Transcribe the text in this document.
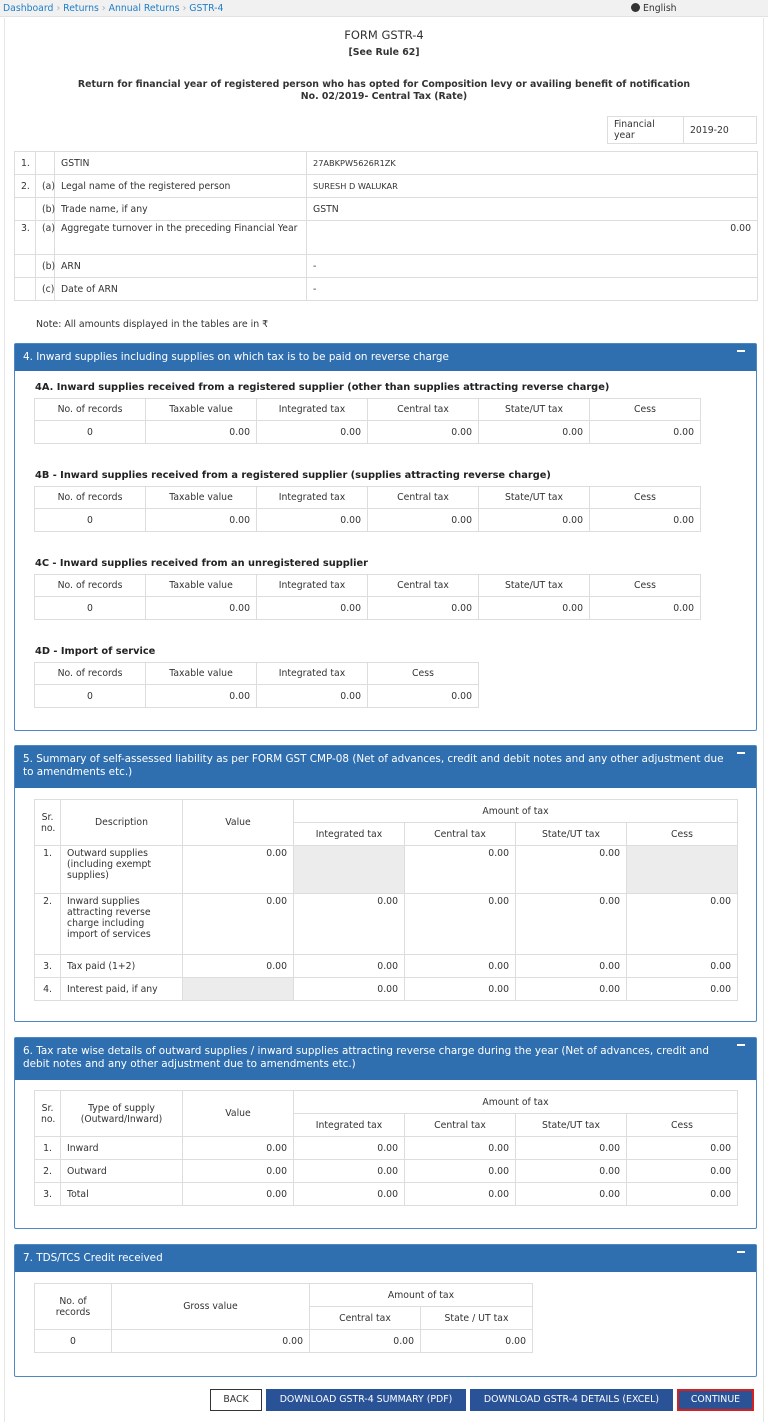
Dashboard › Returns › Annual Returns › GSTR-4	English
FORM GSTR-4
[See Rule 62]
Return for financial year of registered person who has opted for Composition levy or availing benefit of notification
No. 02/2019- Central Tax (Rate)
Financial year	2019-20
1.		GSTIN	27ABKPW5626R1ZK
2.	(a)	Legal name of the registered person	SURESH D WALUKAR
	(b)	Trade name, if any	GSTN
3.	(a)	Aggregate turnover in the preceding Financial Year	0.00
	(b)	ARN	-
	(c)	Date of ARN	-
Note: All amounts displayed in the tables are in ₹
4. Inward supplies including supplies on which tax is to be paid on reverse charge
4A. Inward supplies received from a registered supplier (other than supplies attracting reverse charge)
No. of records	Taxable value	Integrated tax	Central tax	State/UT tax	Cess
0	0.00	0.00	0.00	0.00	0.00
4B - Inward supplies received from a registered supplier (supplies attracting reverse charge)
No. of records	Taxable value	Integrated tax	Central tax	State/UT tax	Cess
0	0.00	0.00	0.00	0.00	0.00
4C - Inward supplies received from an unregistered supplier
No. of records	Taxable value	Integrated tax	Central tax	State/UT tax	Cess
0	0.00	0.00	0.00	0.00	0.00
4D - Import of service
No. of records	Taxable value	Integrated tax	Cess
0	0.00	0.00	0.00
5. Summary of self-assessed liability as per FORM GST CMP-08 (Net of advances, credit and debit notes and any other adjustment due to amendments etc.)
Sr. no.	Description	Value	Amount of tax			
			Integrated tax	Central tax	State/UT tax	Cess
1.	Outward supplies (including exempt supplies)	0.00		0.00	0.00	
2.	Inward supplies attracting reverse charge including import of services	0.00	0.00	0.00	0.00	0.00
3.	Tax paid (1+2)	0.00	0.00	0.00	0.00	0.00
4.	Interest paid, if any		0.00	0.00	0.00	0.00
6. Tax rate wise details of outward supplies / inward supplies attracting reverse charge during the year (Net of advances, credit and debit notes and any other adjustment due to amendments etc.)
Sr. no.	Type of supply (Outward/Inward)	Value	Amount of tax			
			Integrated tax	Central tax	State/UT tax	Cess
1.	Inward	0.00	0.00	0.00	0.00	0.00
2.	Outward	0.00	0.00	0.00	0.00	0.00
3.	Total	0.00	0.00	0.00	0.00	0.00
7. TDS/TCS Credit received
No. of records	Gross value	Amount of tax	
		Central tax	State / UT tax
0	0.00	0.00	0.00
BACK	DOWNLOAD GSTR-4 SUMMARY (PDF)	DOWNLOAD GSTR-4 DETAILS (EXCEL)	CONTINUE
